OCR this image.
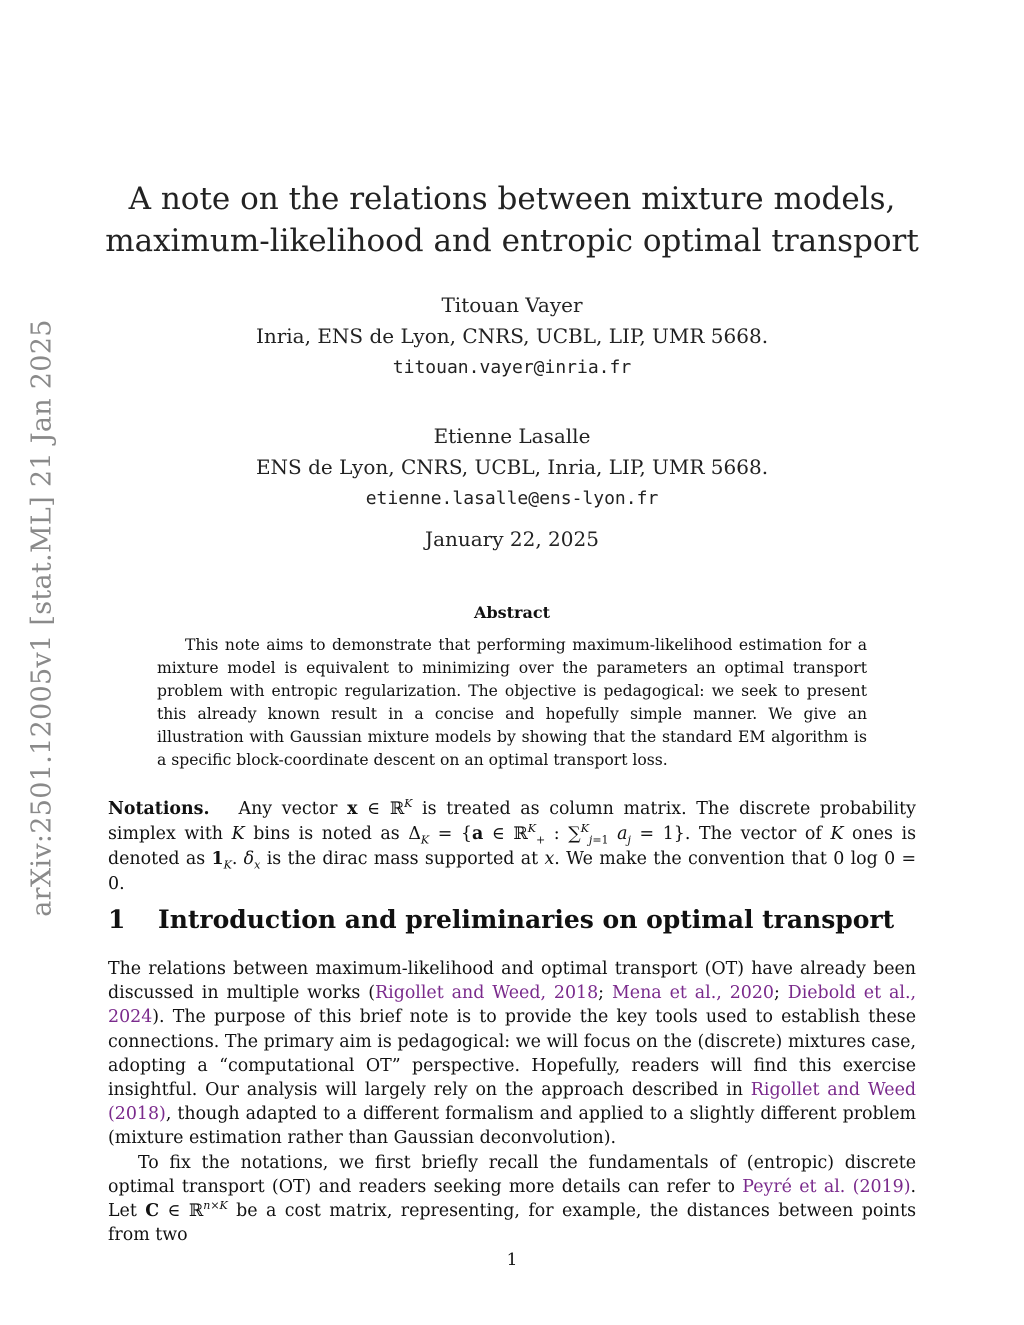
arXiv:2501.12005v1 [stat.ML] 21 Jan 2025
A note on the relations between mixture models,
maximum-likelihood and entropic optimal transport
Titouan Vayer
Inria, ENS de Lyon, CNRS, UCBL, LIP, UMR 5668.
titouan.vayer@inria.fr
Etienne Lasalle
ENS de Lyon, CNRS, UCBL, Inria, LIP, UMR 5668.
etienne.lasalle@ens-lyon.fr
January 22, 2025
Abstract

This note aims to demonstrate that performing maximum-likelihood estimation for a mixture model is equivalent to minimizing over the parameters an optimal transport problem with entropic regularization. The objective is pedagogical: we seek to present this already known result in a concise and hopefully simple manner. We give an illustration with Gaussian mixture models by showing that the standard EM algorithm is a specific block-coordinate descent on an optimal transport loss.

Notations. Any vector x ∈ ℝ$^K$ is treated as column matrix. The discrete probability simplex with K bins is noted as $\Delta_K = \{a$ ∈ ℝ$^K_+$ : ∑$^K_{j=1}$ $a_j = 1$}. The vector of K ones is denoted as $1_K$. $\delta_x$ is the dirac mass supported at x. We make the convention that 0 log 0 = 0.
1 Introduction and preliminaries on optimal transport

The relations between maximum-likelihood and optimal transport (OT) have already been discussed in multiple works (Rigollet and Weed, 2018; Mena et al., 2020; Diebold et al., 2024). The purpose of this brief note is to provide the key tools used to establish these connections. The primary aim is pedagogical: we will focus on the (discrete) mixtures case, adopting a “computational OT” perspective. Hopefully, readers will find this exercise insightful. Our analysis will largely rely on the approach described in Rigollet and Weed (2018), though adapted to a different formalism and applied to a slightly different problem (mixture estimation rather than Gaussian deconvolution).

To fix the notations, we first briefly recall the fundamentals of (entropic) discrete optimal transport (OT) and readers seeking more details can refer to Peyré et al. (2019). Let C ∈ ℝ$^{n\times K}$ be a cost matrix, representing, for example, the distances between points from two

1
